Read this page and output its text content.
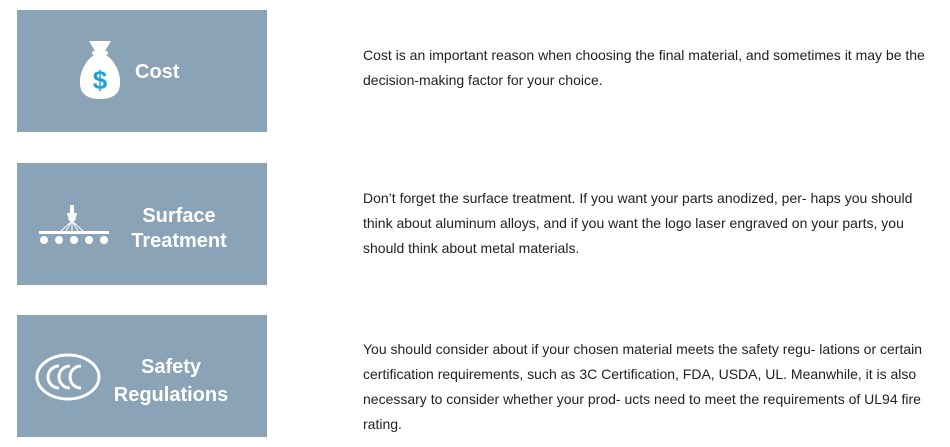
$ Cost

Cost is an important reason when choosing the final material, and sometimes it may be the decision-making factor for your choice.

Surface
Treatment

Don’t forget the surface treatment. If you want your parts anodized, per- haps you should think about aluminum alloys, and if you want the logo laser engraved on your parts, you should think about metal materials.

Safety
Regulations

You should consider about if your chosen material meets the safety regu- lations or certain certification requirements, such as 3C Certification, FDA, USDA, UL. Meanwhile, it is also necessary to consider whether your prod- ucts need to meet the requirements of UL94 fire rating.
